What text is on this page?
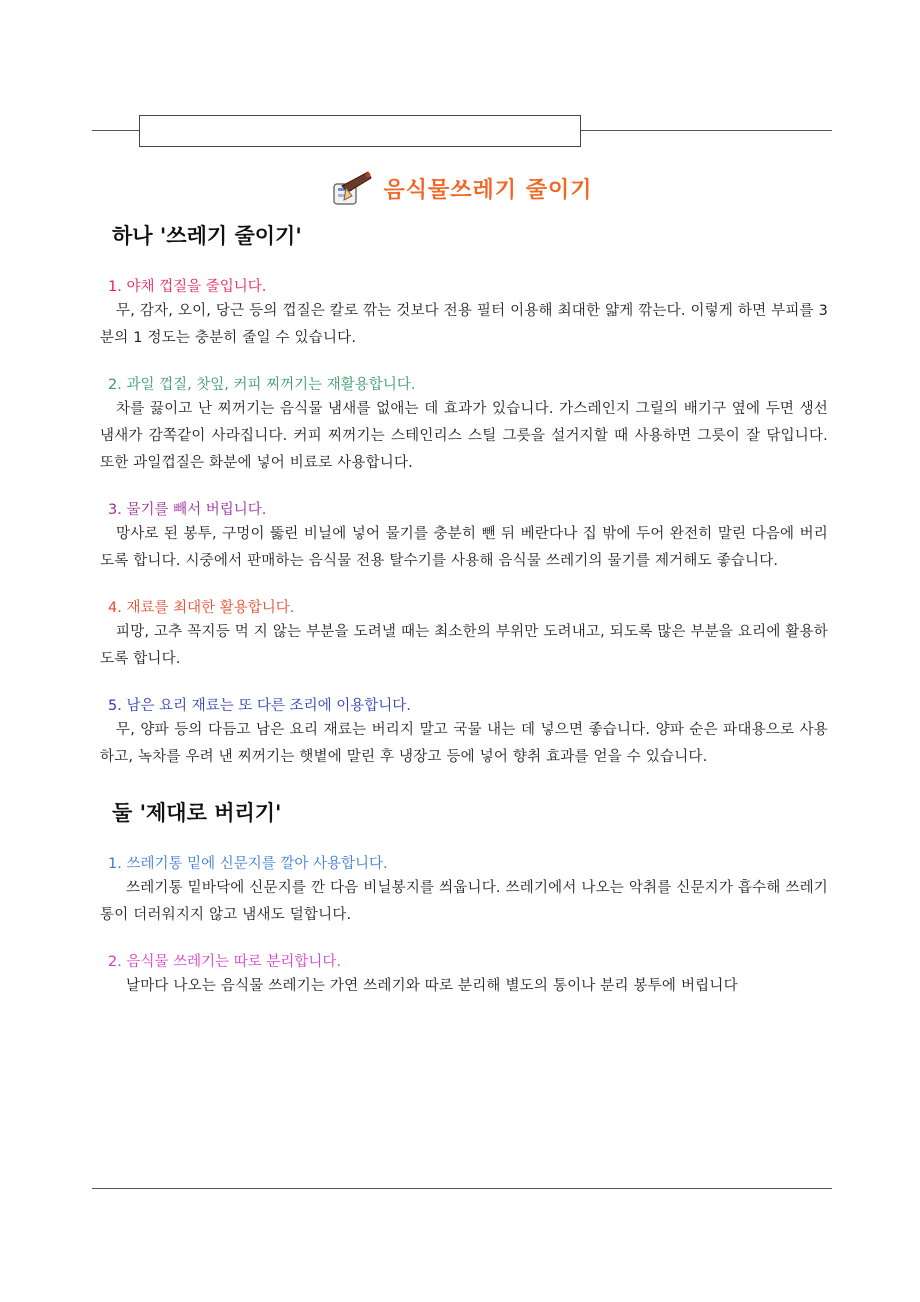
음식물쓰레기 줄이기
하나 '쓰레기 줄이기'

1. 야채 껍질을 줄입니다.

무, 감자, 오이, 당근 등의 껍질은 칼로 깎는 것보다 전용 필터 이용해 최대한 얇게 깎는다. 이렇게 하면 부피를 3분의 1 정도는 충분히 줄일 수 있습니다.

2. 과일 껍질, 찻잎, 커피 찌꺼기는 재활용합니다.

차를 끓이고 난 찌꺼기는 음식물 냄새를 없애는 데 효과가 있습니다. 가스레인지 그릴의 배기구 옆에 두면 생선 냄새가 감쪽같이 사라집니다. 커피 찌꺼기는 스테인리스 스틸 그릇을 설거지할 때 사용하면 그릇이 잘 닦입니다. 또한 과일껍질은 화분에 넣어 비료로 사용합니다.

3. 물기를 빼서 버립니다.

망사로 된 봉투, 구멍이 뚫린 비닐에 넣어 물기를 충분히 뺀 뒤 베란다나 집 밖에 두어 완전히 말린 다음에 버리도록 합니다. 시중에서 판매하는 음식물 전용 탈수기를 사용해 음식물 쓰레기의 물기를 제거해도 좋습니다.

4. 재료를 최대한 활용합니다.

피망, 고추 꼭지등 먹 지 않는 부분을 도려낼 때는 최소한의 부위만 도려내고, 되도록 많은 부분을 요리에 활용하도록 합니다.

5. 남은 요리 재료는 또 다른 조리에 이용합니다.

무, 양파 등의 다듬고 남은 요리 재료는 버리지 말고 국물 내는 데 넣으면 좋습니다. 양파 순은 파대용으로 사용하고, 녹차를 우려 낸 찌꺼기는 햇볕에 말린 후 냉장고 등에 넣어 향취 효과를 얻을 수 있습니다.

둘 '제대로 버리기'

1. 쓰레기통 밑에 신문지를 깔아 사용합니다.

쓰레기통 밑바닥에 신문지를 깐 다음 비닐봉지를 씌웁니다. 쓰레기에서 나오는 악취를 신문지가 흡수해 쓰레기통이 더러워지지 않고 냄새도 덜합니다.

2. 음식물 쓰레기는 따로 분리합니다.

날마다 나오는 음식물 쓰레기는 가연 쓰레기와 따로 분리해 별도의 통이나 분리 봉투에 버립니다
